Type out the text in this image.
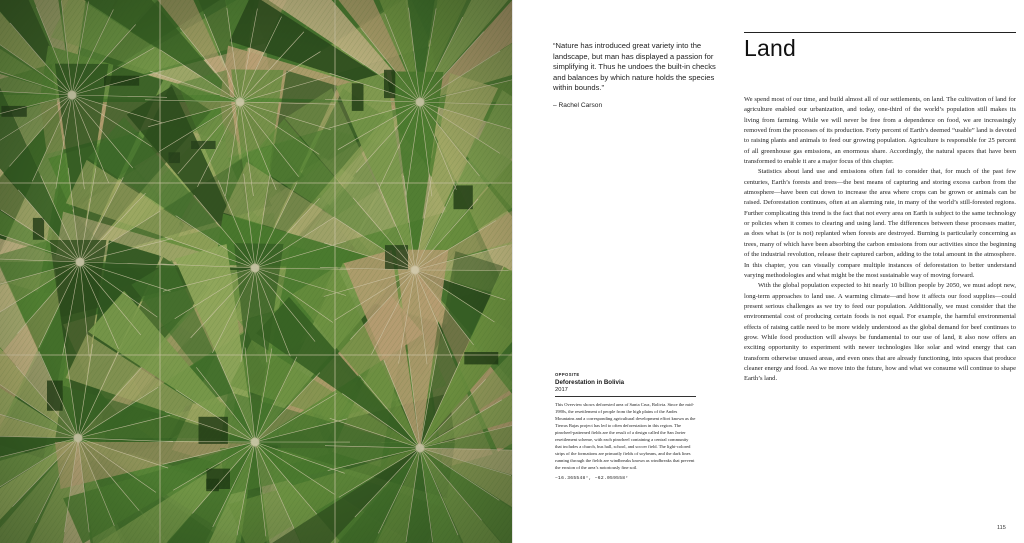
“Nature has introduced great variety into the landscape, but man has displayed a passion for simplifying it. Thus he undoes the built-in checks and balances by which nature holds the species within bounds.”
– Rachel Carson
Land

We spend most of our time, and build almost all of our settlements, on land. The cultivation of land for agriculture enabled our urbanization, and today, one-third of the world’s population still makes its living from farming. While we will never be free from a dependence on food, we are increasingly removed from the processes of its production. Forty percent of Earth’s deemed “usable” land is devoted to raising plants and animals to feed our growing population. Agriculture is responsible for 25 percent of all greenhouse gas emissions, an enormous share. Accordingly, the natural spaces that have been transformed to enable it are a major focus of this chapter.

Statistics about land use and emissions often fail to consider that, for much of the past few centuries, Earth’s forests and trees—the best means of capturing and storing excess carbon from the atmosphere—have been cut down to increase the area where crops can be grown or animals can be raised. Deforestation continues, often at an alarming rate, in many of the world’s still-forested regions. Further complicating this trend is the fact that not every area on Earth is subject to the same technology or policies when it comes to clearing and using land. The differences between these processes matter, as does what is (or is not) replanted when forests are destroyed. Burning is particularly concerning as trees, many of which have been absorbing the carbon emissions from our activities since the beginning of the industrial revolution, release their captured carbon, adding to the total amount in the atmosphere. In this chapter, you can visually compare multiple instances of deforestation to better understand varying methodologies and what might be the most sustainable way of moving forward.

With the global population expected to hit nearly 10 billion people by 2050, we must adopt new, long-term approaches to land use. A warming climate—and how it affects our food supplies—could present serious challenges as we try to feed our population. Additionally, we must consider that the environmental cost of producing certain foods is not equal. For example, the harmful environmental effects of raising cattle need to be more widely understood as the global demand for beef continues to grow. While food production will always be fundamental to our use of land, it also now offers an exciting opportunity to experiment with newer technologies like solar and wind energy that can transform otherwise unused areas, and even ones that are already functioning, into spaces that produce cleaner energy and food. As we move into the future, how and what we consume will continue to shape Earth’s land.

OPPOSITE
Deforestation in Bolivia
2017
This Overview shows deforested area of Santa Cruz, Bolivia. Since the mid-1980s, the resettlement of people from the high plains of the Andes Mountains and a corresponding agricultural development effort known as the Tierras Bajas project has led to often deforestation in this region. The pinwheel-patterned fields are the result of a design called the San Javier resettlement scheme, with each pinwheel containing a central community that includes a church, bus hall, school, and soccer field. The light-colored strips of the formations are primarily fields of soybeans, and the dark lines running through the fields are windbreaks known as windbreaks that prevent the erosion of the area’s notoriously fine soil.
−16.365548°, −62.059558°
115
